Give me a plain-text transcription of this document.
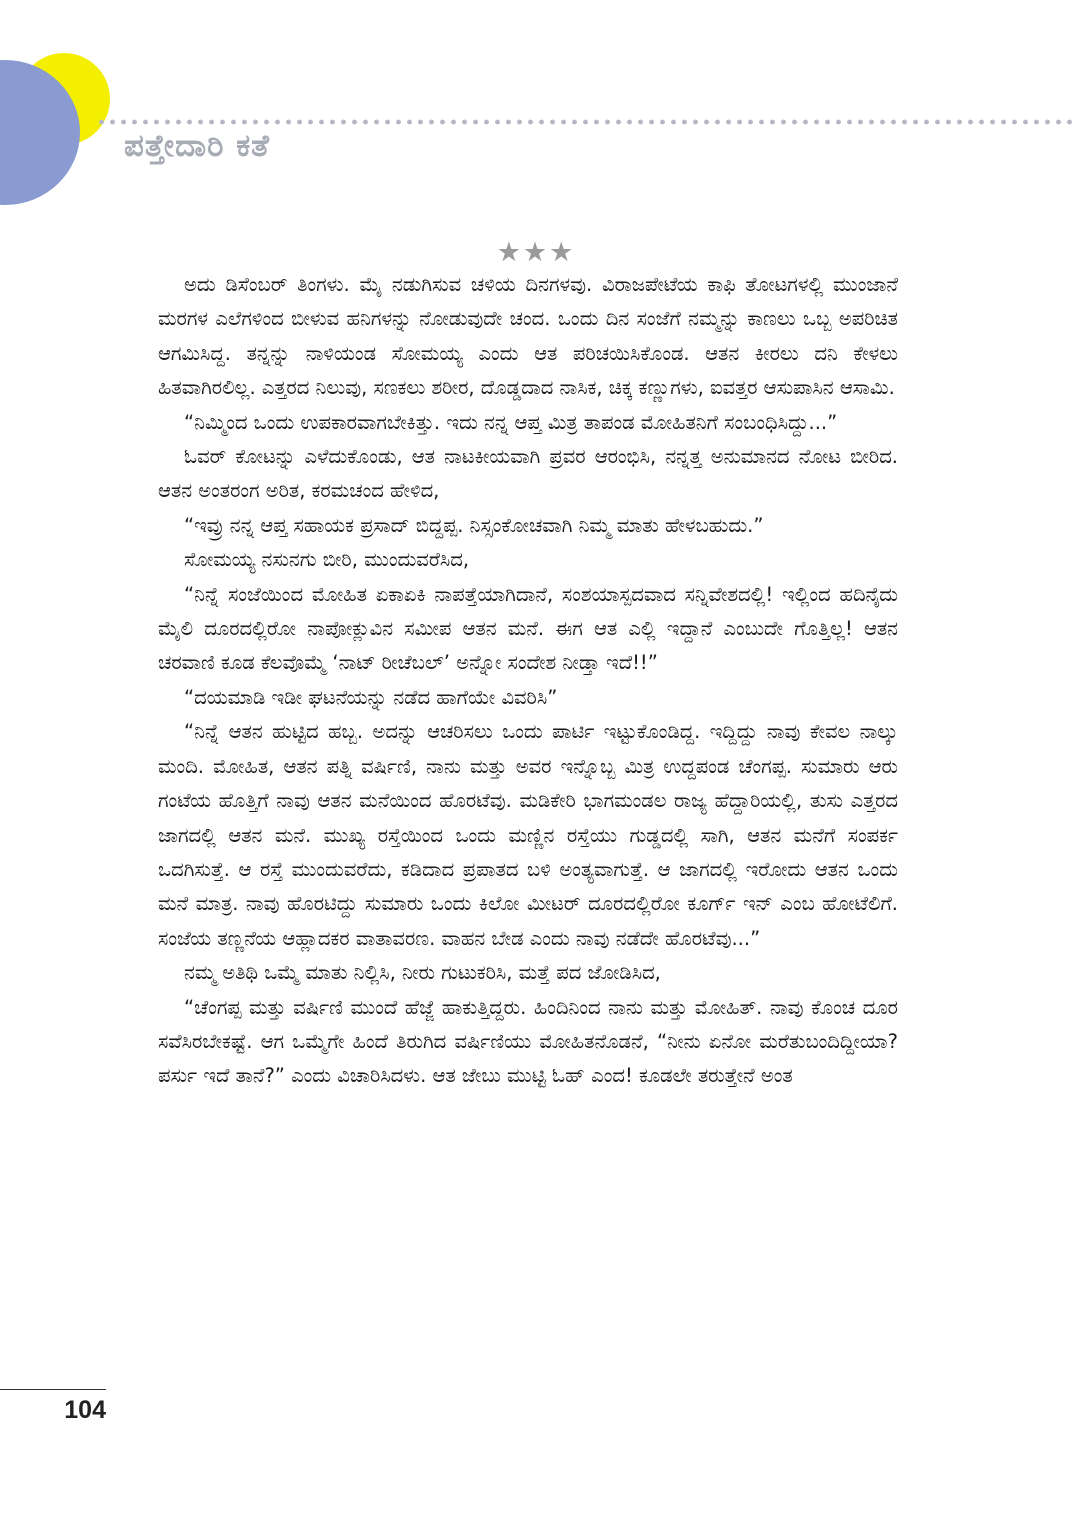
ಪತ್ತೇದಾರಿ ಕತೆ
★★★

ಅದು ಡಿಸೆಂಬರ್ ತಿಂಗಳು. ಮೈ ನಡುಗಿಸುವ ಚಳಿಯ ದಿನಗಳವು. ವಿರಾಜಪೇಟೆಯ ಕಾಫಿ ತೋಟಗಳಲ್ಲಿ ಮುಂಜಾನೆ ಮರಗಳ ಎಲೆಗಳಿಂದ ಬೀಳುವ ಹನಿಗಳನ್ನು ನೋಡುವುದೇ ಚಂದ. ಒಂದು ದಿನ ಸಂಜೆಗೆ ನಮ್ಮನ್ನು ಕಾಣಲು ಒಬ್ಬ ಅಪರಿಚಿತ ಆಗಮಿಸಿದ್ದ. ತನ್ನನ್ನು ನಾಳಿಯಂಡ ಸೋಮಯ್ಯ ಎಂದು ಆತ ಪರಿಚಯಿಸಿಕೊಂಡ. ಆತನ ಕೀರಲು ದನಿ ಕೇಳಲು ಹಿತವಾಗಿರಲಿಲ್ಲ. ಎತ್ತರದ ನಿಲುವು, ಸಣಕಲು ಶರೀರ, ದೊಡ್ಡದಾದ ನಾಸಿಕ, ಚಿಕ್ಕ ಕಣ್ಣುಗಳು, ಐವತ್ತರ ಆಸುಪಾಸಿನ ಆಸಾಮಿ.

“ನಿಮ್ಮಿಂದ ಒಂದು ಉಪಕಾರವಾಗಬೇಕಿತ್ತು. ಇದು ನನ್ನ ಆಪ್ತ ಮಿತ್ರ ತಾಪಂಡ ಮೋಹಿತನಿಗೆ ಸಂಬಂಧಿಸಿದ್ದು...”

ಓವರ್ ಕೋಟನ್ನು ಎಳೆದುಕೊಂಡು, ಆತ ನಾಟಕೀಯವಾಗಿ ಪ್ರವರ ಆರಂಭಿಸಿ, ನನ್ನತ್ತ ಅನುಮಾನದ ನೋಟ ಬೀರಿದ. ಆತನ ಅಂತರಂಗ ಅರಿತ, ಕರಮಚಂದ ಹೇಳಿದ,

“ಇವ್ರು ನನ್ನ ಆಪ್ತ ಸಹಾಯಕ ಪ್ರಸಾದ್ ಬಿದ್ದಪ್ಪ. ನಿಸ್ಸಂಕೋಚವಾಗಿ ನಿಮ್ಮ ಮಾತು ಹೇಳಬಹುದು.”

ಸೋಮಯ್ಯ ನಸುನಗು ಬೀರಿ, ಮುಂದುವರೆಸಿದ,

“ನಿನ್ನೆ ಸಂಜೆಯಿಂದ ಮೋಹಿತ ಏಕಾಏಕಿ ನಾಪತ್ತೆಯಾಗಿದಾನೆ, ಸಂಶಯಾಸ್ಪದವಾದ ಸನ್ನಿವೇಶದಲ್ಲಿ! ಇಲ್ಲಿಂದ ಹದಿನೈದು ಮೈಲಿ ದೂರದಲ್ಲಿರೋ ನಾಪೋಕ್ಲುವಿನ ಸಮೀಪ ಆತನ ಮನೆ. ಈಗ ಆತ ಎಲ್ಲಿ ಇದ್ದಾನೆ ಎಂಬುದೇ ಗೊತ್ತಿಲ್ಲ! ಆತನ ಚರವಾಣಿ ಕೂಡ ಕೆಲವೊಮ್ಮೆ ‘ನಾಟ್ ರೀಚೆಬಲ್’ ಅನ್ನೋ ಸಂದೇಶ ನೀಡ್ತಾ ಇದೆ!!”

“ದಯಮಾಡಿ ಇಡೀ ಘಟನೆಯನ್ನು ನಡೆದ ಹಾಗೆಯೇ ವಿವರಿಸಿ”

“ನಿನ್ನೆ ಆತನ ಹುಟ್ಟಿದ ಹಬ್ಬ. ಅದನ್ನು ಆಚರಿಸಲು ಒಂದು ಪಾರ್ಟಿ ಇಟ್ಟುಕೊಂಡಿದ್ದ. ಇದ್ದಿದ್ದು ನಾವು ಕೇವಲ ನಾಲ್ಕು ಮಂದಿ. ಮೋಹಿತ, ಆತನ ಪತ್ನಿ ವರ್ಷಿಣಿ, ನಾನು ಮತ್ತು ಅವರ ಇನ್ನೊಬ್ಬ ಮಿತ್ರ ಉದ್ದಪಂಡ ಚೆಂಗಪ್ಪ. ಸುಮಾರು ಆರು ಗಂಟೆಯ ಹೊತ್ತಿಗೆ ನಾವು ಆತನ ಮನೆಯಿಂದ ಹೊರಟೆವು. ಮಡಿಕೇರಿ ಭಾಗಮಂಡಲ ರಾಜ್ಯ ಹೆದ್ದಾರಿಯಲ್ಲಿ, ತುಸು ಎತ್ತರದ ಜಾಗದಲ್ಲಿ ಆತನ ಮನೆ. ಮುಖ್ಯ ರಸ್ತೆಯಿಂದ ಒಂದು ಮಣ್ಣಿನ ರಸ್ತೆಯು ಗುಡ್ಡದಲ್ಲಿ ಸಾಗಿ, ಆತನ ಮನೆಗೆ ಸಂಪರ್ಕ ಒದಗಿಸುತ್ತೆ. ಆ ರಸ್ತೆ ಮುಂದುವರೆದು, ಕಡಿದಾದ ಪ್ರಪಾತದ ಬಳಿ ಅಂತ್ಯವಾಗುತ್ತೆ. ಆ ಜಾಗದಲ್ಲಿ ಇರೋದು ಆತನ ಒಂದು ಮನೆ ಮಾತ್ರ. ನಾವು ಹೊರಟಿದ್ದು ಸುಮಾರು ಒಂದು ಕಿಲೋ ಮೀಟರ್ ದೂರದಲ್ಲಿರೋ ಕೂರ್ಗ್ ಇನ್ ಎಂಬ ಹೋಟೆಲಿಗೆ. ಸಂಜೆಯ ತಣ್ಣನೆಯ ಆಹ್ಲಾದಕರ ವಾತಾವರಣ. ವಾಹನ ಬೇಡ ಎಂದು ನಾವು ನಡೆದೇ ಹೊರಟೆವು...”

ನಮ್ಮ ಅತಿಥಿ ಒಮ್ಮೆ ಮಾತು ನಿಲ್ಲಿಸಿ, ನೀರು ಗುಟುಕರಿಸಿ, ಮತ್ತೆ ಪದ ಜೋಡಿಸಿದ,

“ಚೆಂಗಪ್ಪ ಮತ್ತು ವರ್ಷಿಣಿ ಮುಂದೆ ಹೆಜ್ಜೆ ಹಾಕುತ್ತಿದ್ದರು. ಹಿಂದಿನಿಂದ ನಾನು ಮತ್ತು ಮೋಹಿತ್. ನಾವು ಕೊಂಚ ದೂರ ಸವೆಸಿರಬೇಕಷ್ಟೆ. ಆಗ ಒಮ್ಮೆಗೇ ಹಿಂದೆ ತಿರುಗಿದ ವರ್ಷಿಣಿಯು ಮೋಹಿತನೊಡನೆ, “ನೀನು ಏನೋ ಮರೆತುಬಂದಿದ್ದೀಯಾ? ಪರ್ಸು ಇದೆ ತಾನೆ?” ಎಂದು ವಿಚಾರಿಸಿದಳು. ಆತ ಜೇಬು ಮುಟ್ಟಿ ಓಹ್ ಎಂದ! ಕೂಡಲೇ ತರುತ್ತೇನೆ ಅಂತ

104
